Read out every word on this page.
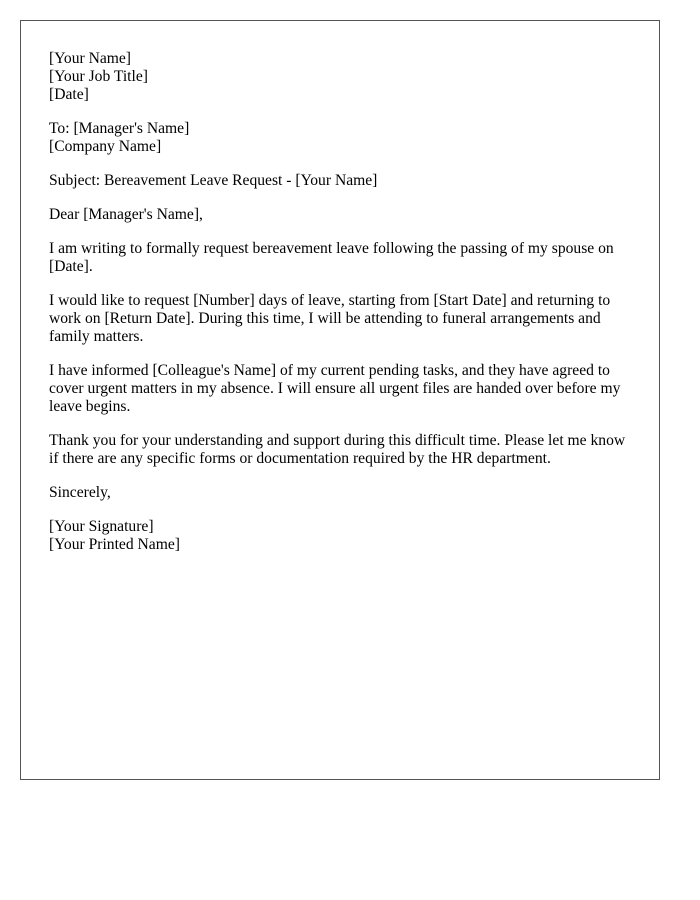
[Your Name]
[Your Job Title]
[Date]
To: [Manager's Name]
[Company Name]

Subject: Bereavement Leave Request - [Your Name]

Dear [Manager's Name],

I am writing to formally request bereavement leave following the passing of my spouse on [Date].

I would like to request [Number] days of leave, starting from [Start Date] and returning to work on [Return Date]. During this time, I will be attending to funeral arrangements and family matters.

I have informed [Colleague's Name] of my current pending tasks, and they have agreed to cover urgent matters in my absence. I will ensure all urgent files are handed over before my leave begins.

Thank you for your understanding and support during this difficult time. Please let me know if there are any specific forms or documentation required by the HR department.

Sincerely,

[Your Signature]
[Your Printed Name]
